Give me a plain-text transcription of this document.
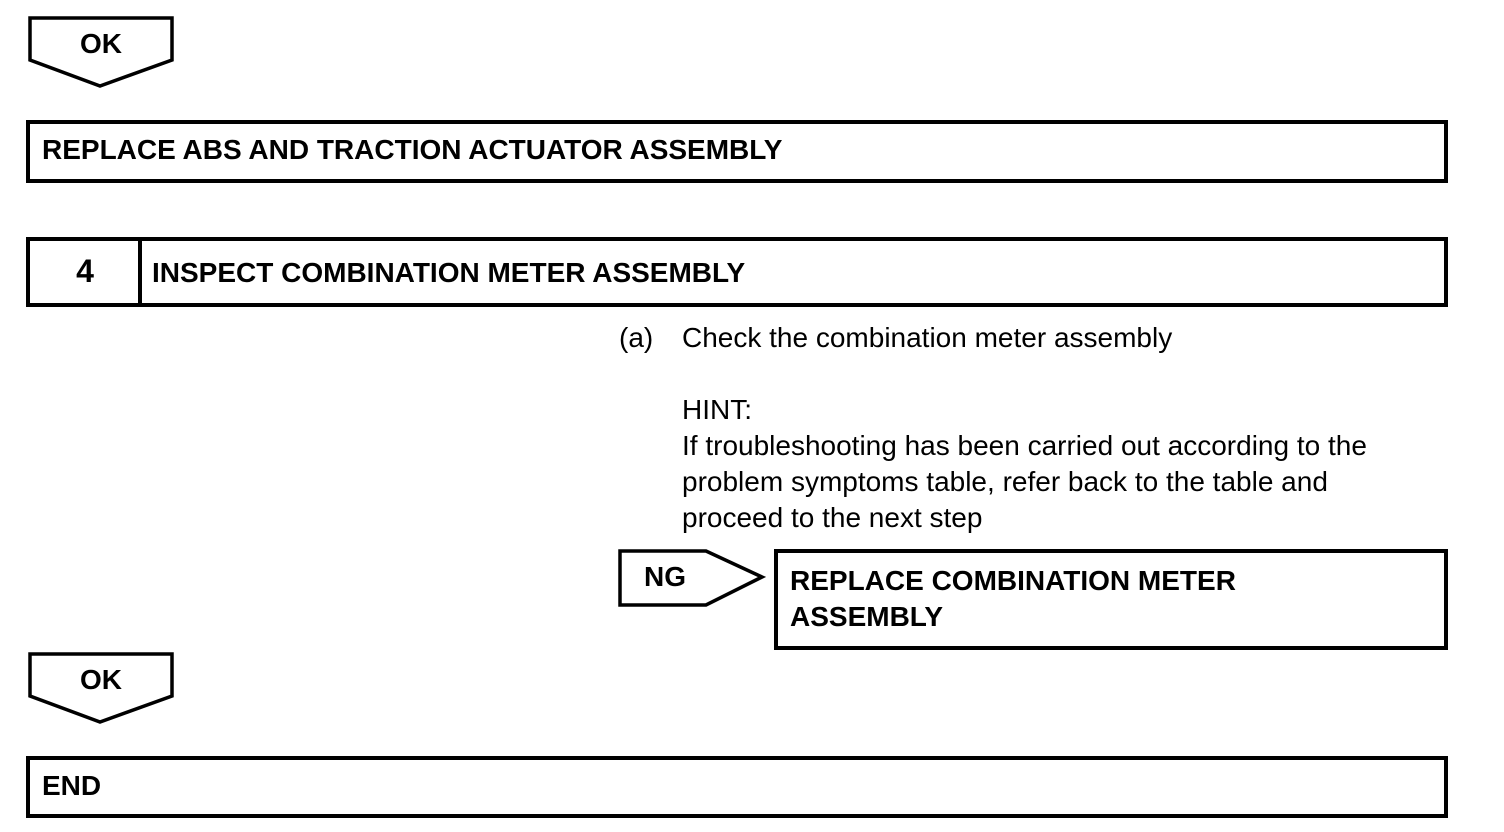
OK
REPLACE ABS AND TRACTION ACTUATOR ASSEMBLY
4	INSPECT COMBINATION METER ASSEMBLY
(a) Check the combination meter assembly
HINT:
If troubleshooting has been carried out according to the
problem symptoms table, refer back to the table and
proceed to the next step
NG	REPLACE COMBINATION METER
ASSEMBLY
OK
END
